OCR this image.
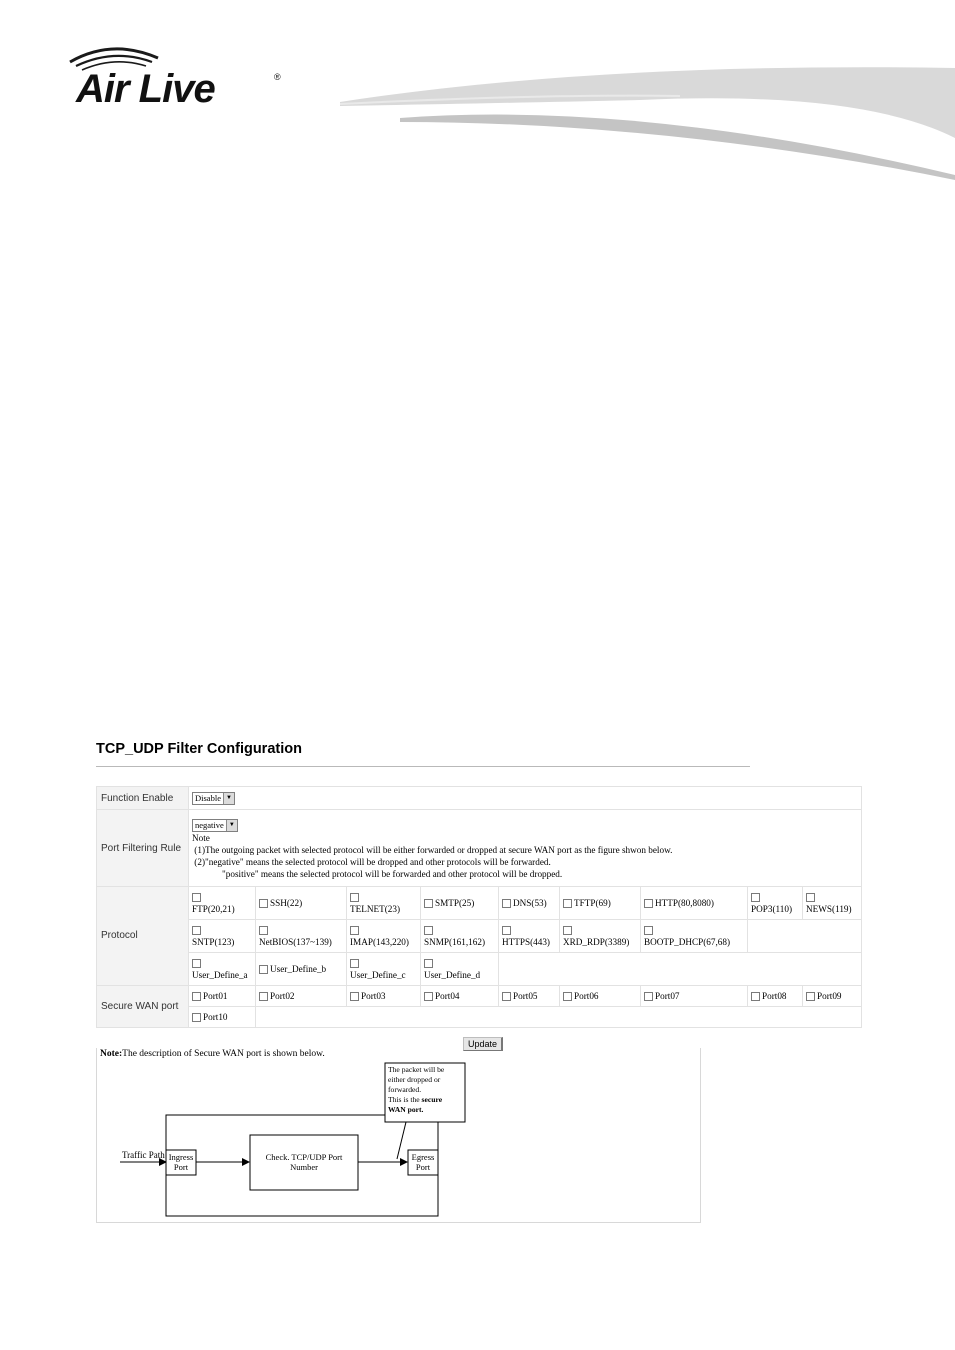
Air Live	®
TCP_UDP Filter Configuration
Function Enable	Disable ▼								
Port Filtering Rule	negative ▼
Note
(1)The outgoing packet with selected protocol will be either forwarded or dropped at secure WAN port as the figure shwon below.
(2)"negative" means the selected protocol will be dropped and other protocols will be forwarded.
"positive" means the selected protocol will be forwarded and other protocol will be dropped.								
Protocol	FTP(20,21)	SSH(22)	TELNET(23)	SMTP(25)	DNS(53)	TFTP(69)	HTTP(80,8080)	POP3(110)	NEWS(119)

SNTP(123)	NetBIOS(137~139)	IMAP(143,220)	SNMP(161,162)	HTTPS(443)	XRD_RDP(3389)	BOOTP_DHCP(67,68)		

User_Define_a	User_Define_b	User_Define_c	User_Define_d					
Secure WAN port	Port01	Port02	Port03	Port04	Port05	Port06	Port07	Port08	Port09
	Port10								
Update
Note:The description of Secure WAN port is shown below.
Traffic Path Ingress
Port
Check. TCP/UDP Port
Number
Egress
Port
The packet will be
either dropped or
forwarded.
This is the secure
WAN port.
